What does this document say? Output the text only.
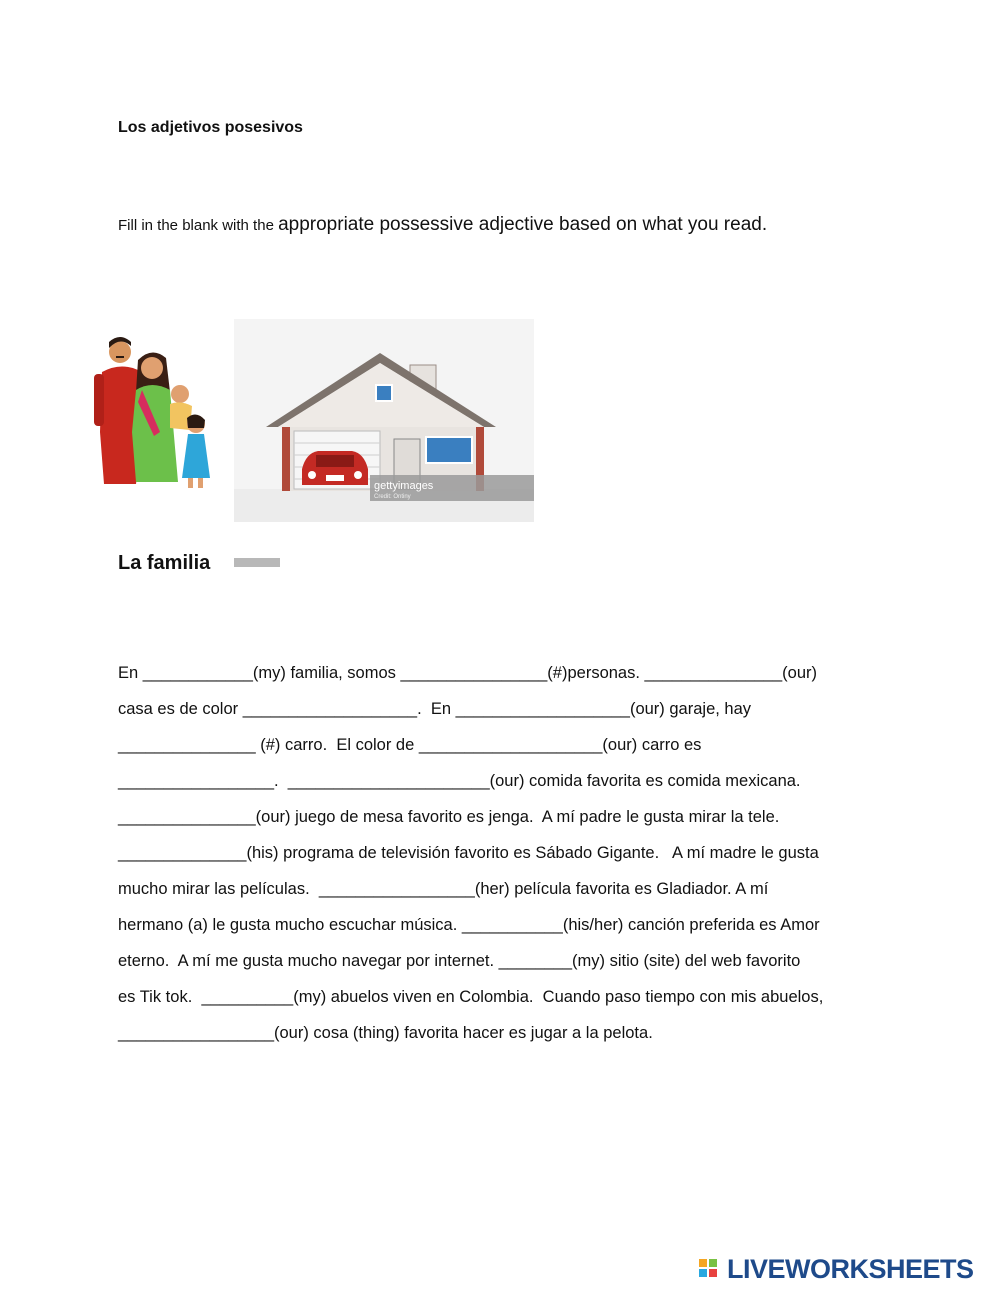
Los adjetivos posesivos
Fill in the blank with the appropriate possessive adjective based on what you read.
gettyimages
Credit: Ontiny
La familia
En ____________(my) familia, somos ________________(#)personas. _______________(our)
casa es de color ___________________.  En ___________________(our) garaje, hay
_______________ (#) carro.  El color de ____________________(our) carro es
_________________.  ______________________(our) comida favorita es comida mexicana.
_______________(our) juego de mesa favorito es jenga.  A mí padre le gusta mirar la tele.
______________(his) programa de televisión favorito es Sábado Gigante.   A mí madre le gusta
mucho mirar las películas.  _________________(her) película favorita es Gladiador. A mí
hermano (a) le gusta mucho escuchar música. ___________(his/her) canción preferida es Amor
eterno.  A mí me gusta mucho navegar por internet. ________(my) sitio (site) del web favorito
es Tik tok.  __________(my) abuelos viven en Colombia.  Cuando paso tiempo con mis abuelos,
_________________(our) cosa (thing) favorita hacer es jugar a la pelota.
LIVEWORKSHEETS
